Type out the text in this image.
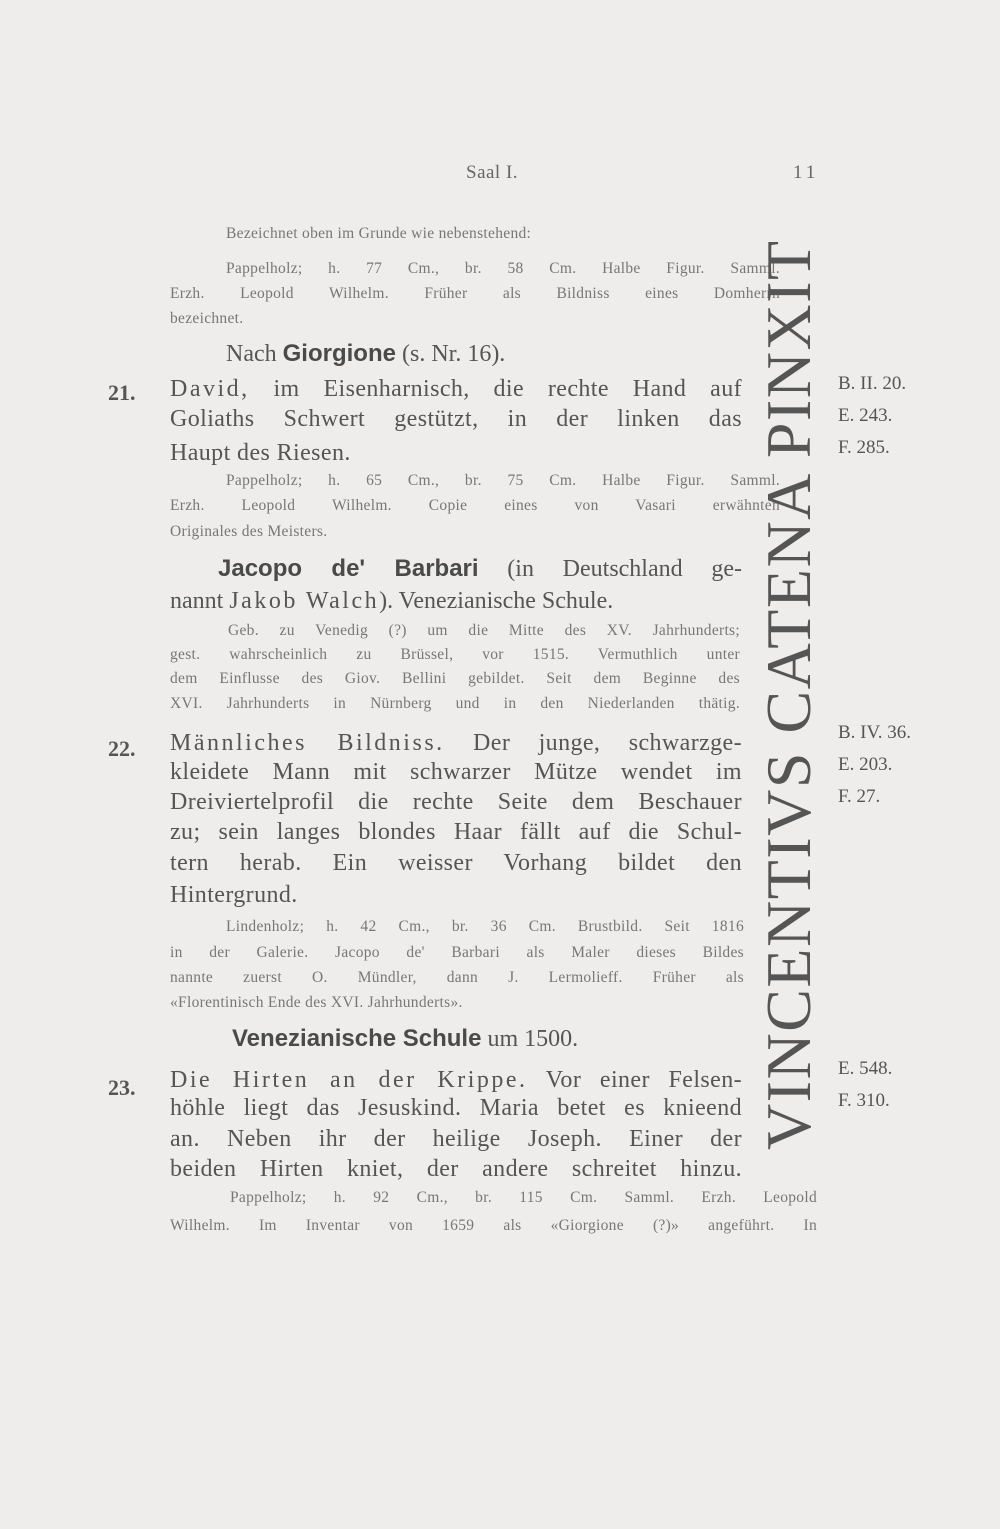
Saal I.	11
Bezeichnet oben im Grunde wie nebenstehend:
Pappelholz; h. 77 Cm., br. 58 Cm. Halbe Figur. Samml.
Erzh. Leopold Wilhelm. Früher als Bildniss eines Domherrn
bezeichnet.
Nach Giorgione (s. Nr. 16).
21. David, im Eisenharnisch, die rechte Hand auf
Goliaths Schwert gestützt, in der linken das
Haupt des Riesen.
Pappelholz; h. 65 Cm., br. 75 Cm. Halbe Figur. Samml.
Erzh. Leopold Wilhelm. Copie eines von Vasari erwähnten
Originales des Meisters.
B. II. 20.
E. 243.
F. 285.
Jacopo de' Barbari (in Deutschland ge-
nannt Jakob Walch). Venezianische Schule.
Geb. zu Venedig (?) um die Mitte des XV. Jahrhunderts;
gest. wahrscheinlich zu Brüssel, vor 1515. Vermuthlich unter
dem Einflusse des Giov. Bellini gebildet. Seit dem Beginne des
XVI. Jahrhunderts in Nürnberg und in den Niederlanden thätig.
22. Männliches Bildniss. Der junge, schwarzge-
kleidete Mann mit schwarzer Mütze wendet im
Dreiviertelprofil die rechte Seite dem Beschauer
zu; sein langes blondes Haar fällt auf die Schul-
tern herab. Ein weisser Vorhang bildet den
Hintergrund.
Lindenholz; h. 42 Cm., br. 36 Cm. Brustbild. Seit 1816
in der Galerie. Jacopo de' Barbari als Maler dieses Bildes
nannte zuerst O. Mündler, dann J. Lermolieff. Früher als
«Florentinisch Ende des XVI. Jahrhunderts».
B. IV. 36.
E. 203.
F. 27.
Venezianische Schule um 1500.
23. Die Hirten an der Krippe. Vor einer Felsen-
höhle liegt das Jesuskind. Maria betet es knieend
an. Neben ihr der heilige Joseph. Einer der
beiden Hirten kniet, der andere schreitet hinzu.
Pappelholz; h. 92 Cm., br. 115 Cm. Samml. Erzh. Leopold
Wilhelm. Im Inventar von 1659 als «Giorgione (?)» angeführt. In
E. 548.
F. 310.
VINCENTIVS CATENA PINXIT
